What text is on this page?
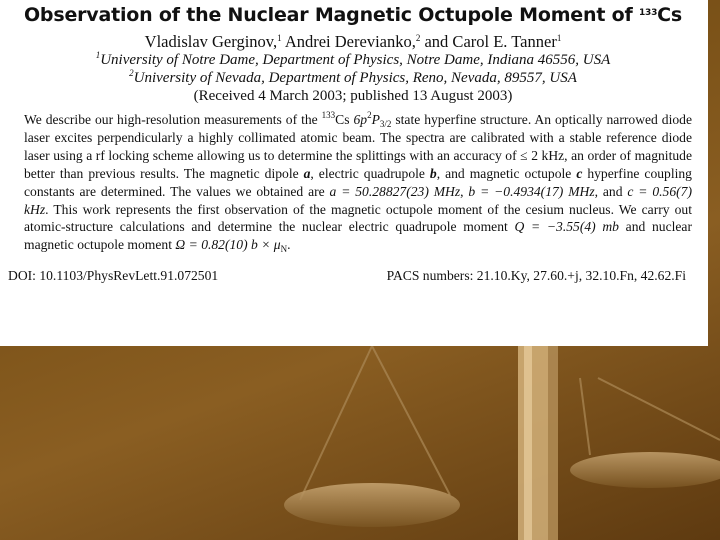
Observation of the Nuclear Magnetic Octupole Moment of $^{133}$Cs

Vladislav Gerginov,$^1$ Andrei Derevianko,$^2$ and Carol E. Tanner$^1$

$^1$University of Notre Dame, Department of Physics, Notre Dame, Indiana 46556, USA

$^2$University of Nevada, Department of Physics, Reno, Nevada, 89557, USA

(Received 4 March 2003; published 13 August 2003)

We describe our high-resolution measurements of the $^{133}$Cs $6p^2P_{3/2}$ state hyperfine structure. An optically narrowed diode laser excites perpendicularly a highly collimated atomic beam. The spectra are calibrated with a stable reference diode laser using a rf locking scheme allowing us to determine the splittings with an accuracy of ≤ 2 kHz, an order of magnitude better than previous results. The magnetic dipole a, electric quadrupole b, and magnetic octupole c hyperfine coupling constants are determined. The values we obtained are a = 50.28827(23) MHz, b = −0.4934(17) MHz, and c = 0.56(7) kHz. This work represents the first observation of the magnetic octupole moment of the cesium nucleus. We carry out atomic-structure calculations and determine the nuclear electric quadrupole moment Q = −3.55(4) mb and nuclear magnetic octupole moment Ω = 0.82(10) $b \times \mu_N$.

DOI: 10.1103/PhysRevLett.91.072501	PACS numbers: 21.10.Ky, 27.60.+j, 32.10.Fn, 42.62.Fi
